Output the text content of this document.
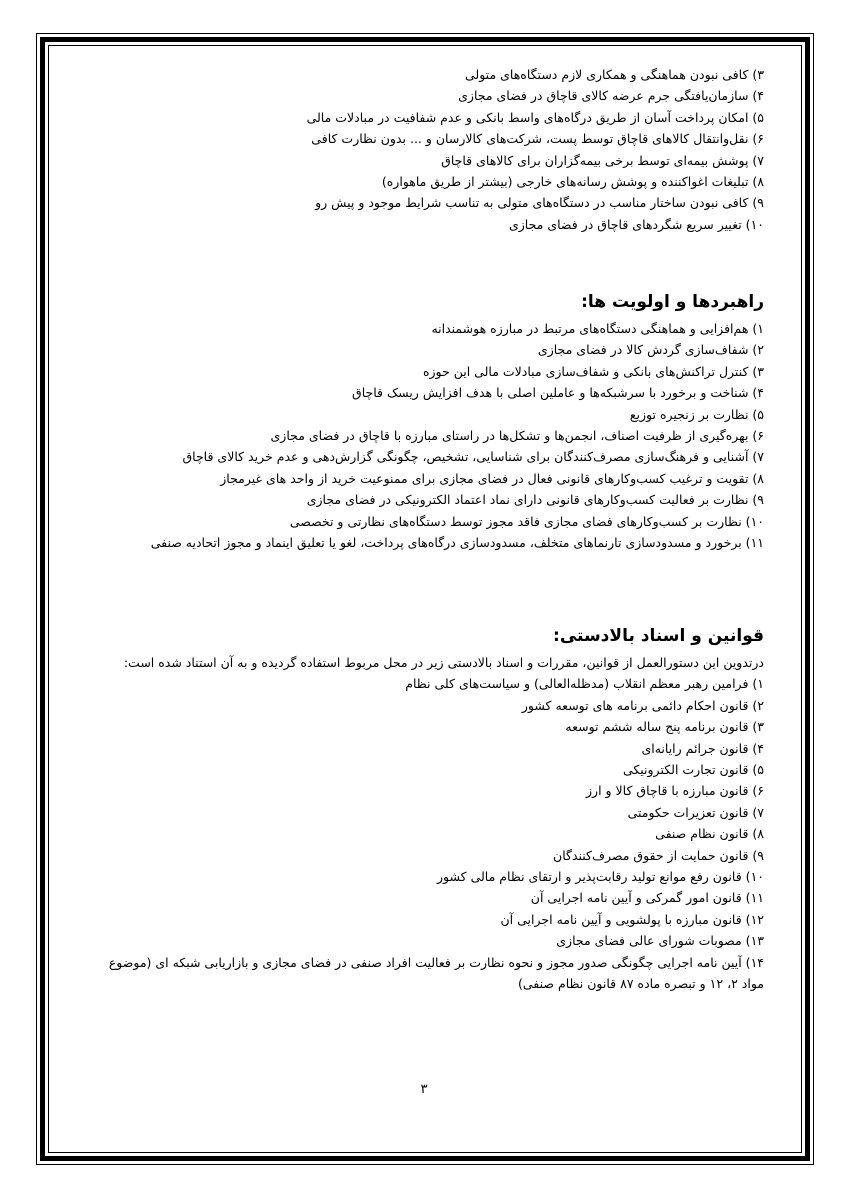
۳) کافی نبودن هماهنگی و همکاری لازم دستگاه‌های متولی

۴) سازمان‌یافتگی جرم عرضه کالای قاچاق در فضای مجازی

۵) امکان پرداخت آسان از طریق درگاه‌های واسط بانکی و عدم شفافیت در مبادلات مالی

۶) نقل‌وانتقال کالاهای قاچاق توسط پست، شرکت‌های کالارسان و ... بدون نظارت کافی

۷) پوشش بیمه‌ای توسط برخی بیمه‌گزاران برای کالاهای قاچاق

۸) تبلیغات اغواکننده و پوشش رسانه‌های خارجی (بیشتر از طریق ماهواره)

۹) کافی نبودن ساختار مناسب در دستگاه‌های متولی به تناسب شرایط موجود و پیش رو

۱۰) تغییر سریع شگردهای قاچاق در فضای مجازی

راهبردها و اولویت ها:

۱) هم‌افزایی و هماهنگی دستگاه‌های مرتبط در مبارزه هوشمندانه

۲) شفاف‌سازی گردش کالا در فضای مجازی

۳) کنترل تراکنش‌های بانکی و شفاف‌سازی مبادلات مالی این حوزه

۴) شناخت و برخورد با سرشبکه‌ها و عاملین اصلی با هدف افزایش ریسک قاچاق

۵) نظارت بر زنجیره توزیع

۶) بهره‌گیری از ظرفیت اصناف، انجمن‌ها و تشکل‌ها در راستای مبارزه با قاچاق در فضای مجازی

۷) آشنایی و فرهنگ‌سازی مصرف‌کنندگان برای شناسایی، تشخیص، چگونگی گزارش‌دهی و عدم خرید کالای قاچاق

۸) تقویت و ترغیب کسب‌وکارهای قانونی فعال در فضای مجازی برای ممنوعیت خرید از واحد های غیرمجاز

۹) نظارت بر فعالیت کسب‌وکارهای قانونی دارای نماد اعتماد الکترونیکی در فضای مجازی

۱۰) نظارت بر کسب‌وکارهای فضای مجازی فاقد مجوز توسط دستگاه‌های نظارتی و تخصصی

۱۱) برخورد و مسدودسازی تارنماهای متخلف، مسدودسازی درگاه‌های پرداخت، لغو یا تعلیق اینماد و مجوز اتحادیه صنفی

قوانین و اسناد بالادستی:

درتدوین این دستورالعمل از قوانین، مقررات و اسناد بالادستی زیر در محل مربوط استفاده گردیده و به آن استناد شده است:

۱) فرامین رهبر معظم انقلاب (مدظله‌العالی) و سیاست‌های کلی نظام

۲) قانون احکام دائمی برنامه های توسعه کشور

۳) قانون برنامه پنج ساله ششم توسعه

۴) قانون جرائم رایانه‌ای

۵) قانون تجارت الکترونیکی

۶) قانون مبارزه با قاچاق کالا و ارز

۷) قانون تعزیرات حکومتی

۸) قانون نظام صنفی

۹) قانون حمایت از حقوق مصرف‌کنندگان

۱۰) قانون رفع موانع تولید رقابت‌پذیر و ارتقای نظام مالی کشور

۱۱) قانون امور گمرکی و آیین نامه اجرایی آن

۱۲) قانون مبارزه با پولشویی و آیین نامه اجرایی آن

۱۳) مصوبات شورای عالی فضای مجازی

۱۴) آیین نامه اجرایی چگونگی صدور مجوز و نحوه نظارت بر فعالیت افراد صنفی در فضای مجازی و بازاریابی شبکه ای (موضوع

مواد ۲، ۱۲ و تبصره ماده ۸۷ قانون نظام صنفی)

۳
